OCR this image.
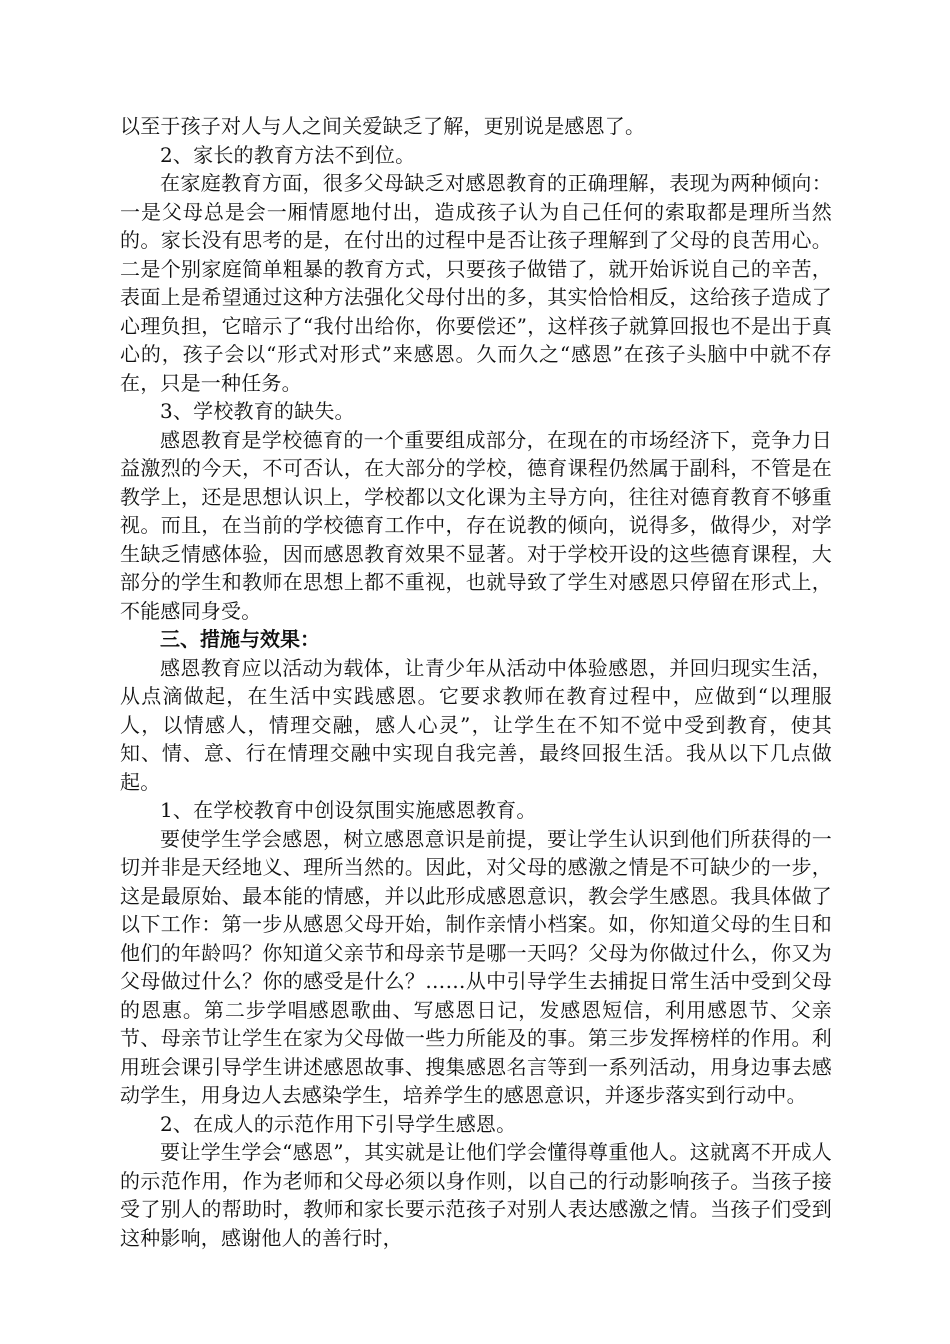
以至于孩子对人与人之间关爱缺乏了解，更别说是感恩了。

2、家长的教育方法不到位。

在家庭教育方面，很多父母缺乏对感恩教育的正确理解，表现为两种倾向：一是父母总是会一厢情愿地付出，造成孩子认为自己任何的索取都是理所当然的。家长没有思考的是，在付出的过程中是否让孩子理解到了父母的良苦用心。二是个别家庭简单粗暴的教育方式，只要孩子做错了，就开始诉说自己的辛苦，表面上是希望通过这种方法强化父母付出的多，其实恰恰相反，这给孩子造成了心理负担，它暗示了“我付出给你，你要偿还”，这样孩子就算回报也不是出于真心的，孩子会以“形式对形式”来感恩。久而久之“感恩”在孩子头脑中中就不存在，只是一种任务。

3、学校教育的缺失。

感恩教育是学校德育的一个重要组成部分，在现在的市场经济下，竞争力日益激烈的今天，不可否认，在大部分的学校，德育课程仍然属于副科，不管是在教学上，还是思想认识上，学校都以文化课为主导方向，往往对德育教育不够重视。而且，在当前的学校德育工作中，存在说教的倾向，说得多，做得少，对学生缺乏情感体验，因而感恩教育效果不显著。对于学校开设的这些德育课程，大部分的学生和教师在思想上都不重视，也就导致了学生对感恩只停留在形式上，不能感同身受。

三、措施与效果：

感恩教育应以活动为载体，让青少年从活动中体验感恩，并回归现实生活，从点滴做起，在生活中实践感恩。它要求教师在教育过程中，应做到“以理服人，以情感人，情理交融，感人心灵”，让学生在不知不觉中受到教育，使其知、情、意、行在情理交融中实现自我完善，最终回报生活。我从以下几点做起。

1、在学校教育中创设氛围实施感恩教育。

要使学生学会感恩，树立感恩意识是前提，要让学生认识到他们所获得的一切并非是天经地义、理所当然的。因此，对父母的感激之情是不可缺少的一步，这是最原始、最本能的情感，并以此形成感恩意识，教会学生感恩。我具体做了以下工作：第一步从感恩父母开始，制作亲情小档案。如，你知道父母的生日和他们的年龄吗？你知道父亲节和母亲节是哪一天吗？父母为你做过什么，你又为父母做过什么？你的感受是什么？……从中引导学生去捕捉日常生活中受到父母的恩惠。第二步学唱感恩歌曲、写感恩日记，发感恩短信，利用感恩节、父亲节、母亲节让学生在家为父母做一些力所能及的事。第三步发挥榜样的作用。利用班会课引导学生讲述感恩故事、搜集感恩名言等到一系列活动，用身边事去感动学生，用身边人去感染学生，培养学生的感恩意识，并逐步落实到行动中。

2、在成人的示范作用下引导学生感恩。

要让学生学会“感恩”，其实就是让他们学会懂得尊重他人。这就离不开成人的示范作用，作为老师和父母必须以身作则，以自己的行动影响孩子。当孩子接受了别人的帮助时，教师和家长要示范孩子对别人表达感激之情。当孩子们受到这种影响，感谢他人的善行时，
